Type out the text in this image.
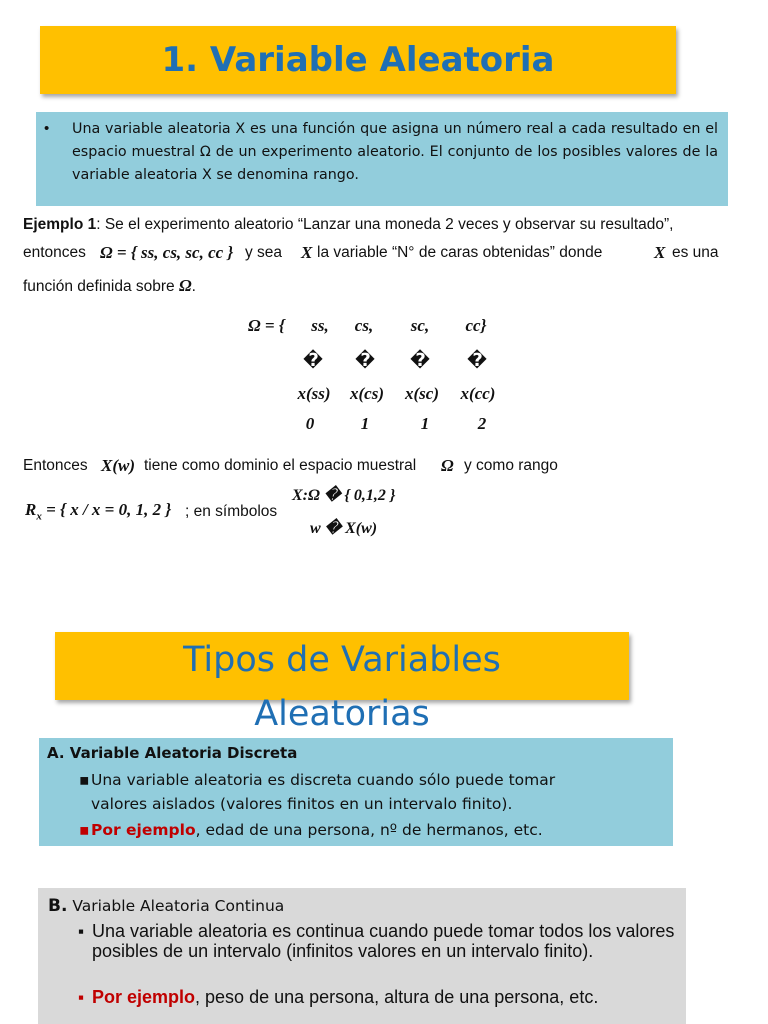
1. Variable Aleatoria
• Una variable aleatoria X es una función que asigna un número real a cada resultado en el espacio muestral Ω de un experimento aleatorio. El conjunto de los posibles valores de la variable aleatoria X se denomina rango.

Ejemplo 1: Se el experimento aleatorio “Lanzar una moneda 2 veces y observar su resultado”,
entonces Ω = { ss, cs, sc, cc } y sea X la variable “N° de caras obtenidas” donde	X es una
función definida sobre Ω.
Ω = {	ss,	cs,	sc,	cc}
� � � �
x(ss)	x(cs)	x(sc)	x(cc)
0	1	1	2
Entonces X(w) tiene como dominio el espacio muestral Ω y como rango
$R_x$ = { x / x = 0, 1, 2 } ; en símbolos
X:Ω � { 0,1,2 }
w � X(w)
Tipos de Variables
Aleatorias
A. Variable Aleatoria Discreta
▪ Una variable aleatoria es discreta cuando sólo puede tomar
valores aislados (valores finitos en un intervalo finito).
▪ Por ejemplo, edad de una persona, nº de hermanos, etc.
B. Variable Aleatoria Continua
▪ Una variable aleatoria es continua cuando puede tomar todos los valores posibles de un intervalo (infinitos valores en un intervalo finito).
▪ Por ejemplo, peso de una persona, altura de una persona, etc.
